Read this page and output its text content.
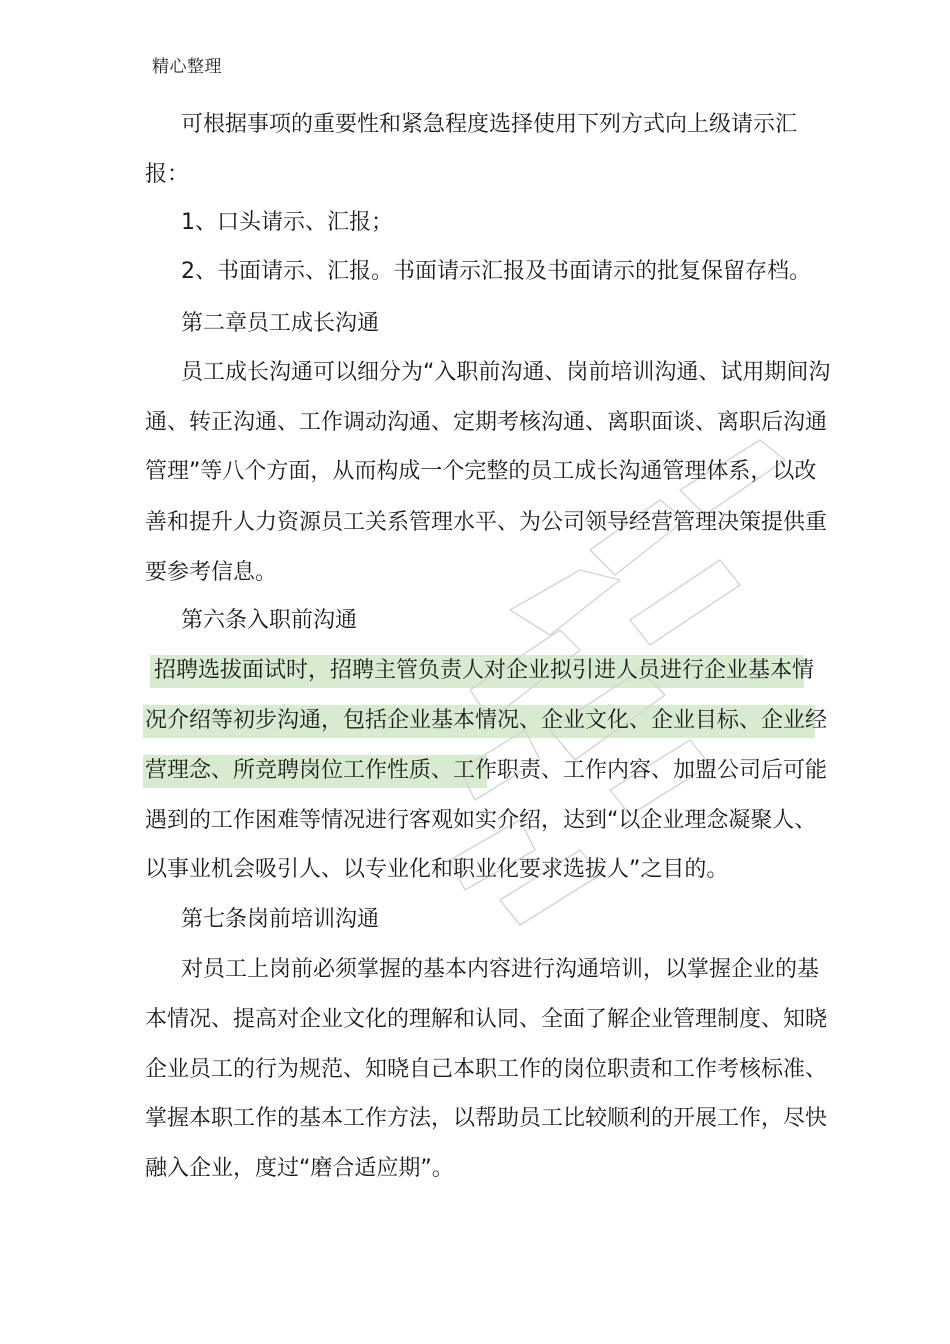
精心整理
可根据事项的重要性和紧急程度选择使用下列方式向上级请示汇
报：
1、口头请示、汇报；
2、书面请示、汇报。书面请示汇报及书面请示的批复保留存档。
第二章员工成长沟通
员工成长沟通可以细分为“入职前沟通、岗前培训沟通、试用期间沟
通、转正沟通、工作调动沟通、定期考核沟通、离职面谈、离职后沟通
管理”等八个方面，从而构成一个完整的员工成长沟通管理体系，以改
善和提升人力资源员工关系管理水平、为公司领导经营管理决策提供重
要参考信息。
第六条入职前沟通
招聘选拔面试时，招聘主管负责人对企业拟引进人员进行企业基本情
况介绍等初步沟通，包括企业基本情况、企业文化、企业目标、企业经
营理念、所竞聘岗位工作性质、工作职责、工作内容、加盟公司后可能
遇到的工作困难等情况进行客观如实介绍，达到“以企业理念凝聚人、
以事业机会吸引人、以专业化和职业化要求选拔人”之目的。
第七条岗前培训沟通
对员工上岗前必须掌握的基本内容进行沟通培训，以掌握企业的基
本情况、提高对企业文化的理解和认同、全面了解企业管理制度、知晓
企业员工的行为规范、知晓自己本职工作的岗位职责和工作考核标准、
掌握本职工作的基本工作方法，以帮助员工比较顺利的开展工作，尽快
融入企业，度过“磨合适应期”。
